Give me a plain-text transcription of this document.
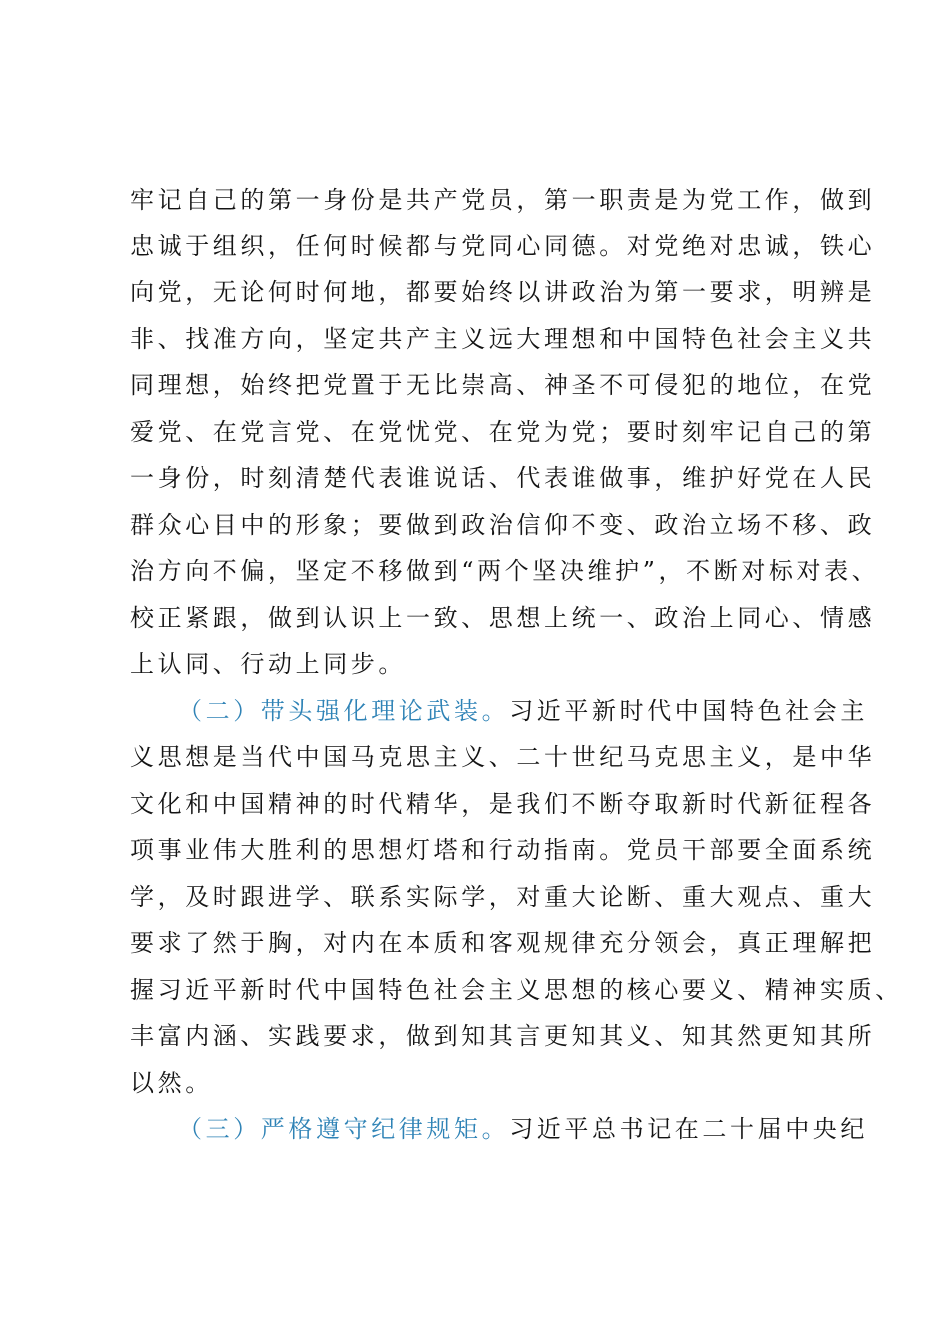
牢记自己的第一身份是共产党员，第一职责是为党工作，做到
忠诚于组织，任何时候都与党同心同德。对党绝对忠诚，铁心
向党，无论何时何地，都要始终以讲政治为第一要求，明辨是
非、找准方向，坚定共产主义远大理想和中国特色社会主义共
同理想，始终把党置于无比崇高、神圣不可侵犯的地位，在党
爱党、在党言党、在党忧党、在党为党；要时刻牢记自己的第
一身份，时刻清楚代表谁说话、代表谁做事，维护好党在人民
群众心目中的形象；要做到政治信仰不变、政治立场不移、政
治方向不偏，坚定不移做到“两个坚决维护”，不断对标对表、
校正紧跟，做到认识上一致、思想上统一、政治上同心、情感
上认同、行动上同步。
（二）带头强化理论武装。习近平新时代中国特色社会主
义思想是当代中国马克思主义、二十世纪马克思主义，是中华
文化和中国精神的时代精华，是我们不断夺取新时代新征程各
项事业伟大胜利的思想灯塔和行动指南。党员干部要全面系统
学，及时跟进学、联系实际学，对重大论断、重大观点、重大
要求了然于胸，对内在本质和客观规律充分领会，真正理解把
握习近平新时代中国特色社会主义思想的核心要义、精神实质、
丰富内涵、实践要求，做到知其言更知其义、知其然更知其所
以然。
（三）严格遵守纪律规矩。习近平总书记在二十届中央纪
